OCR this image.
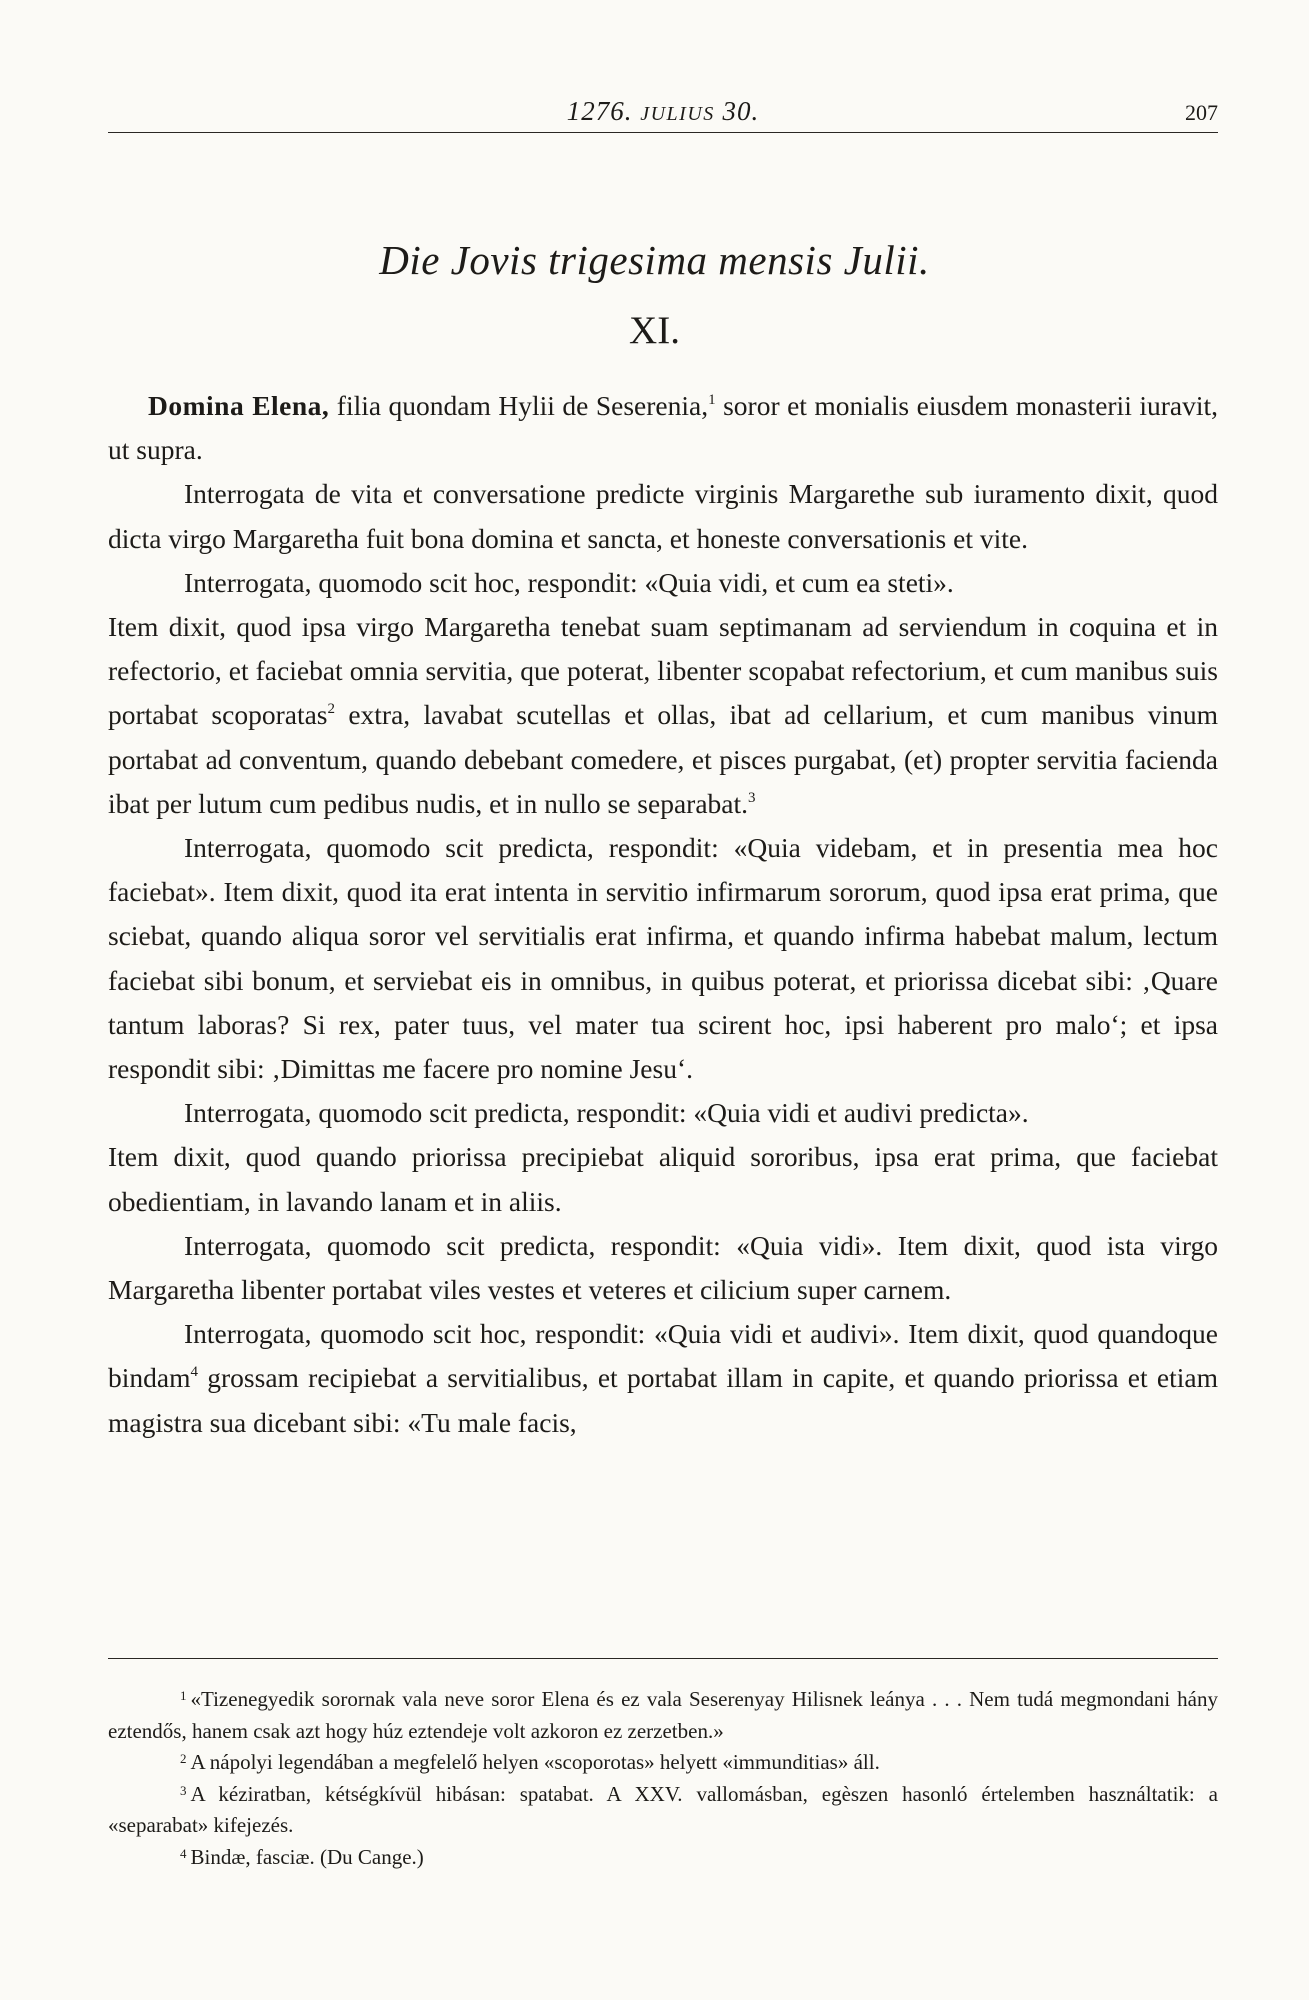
1276. JULIUS 30.	207
Die Jovis trigesima mensis Julii.
XI.

Domina Elena, filia quondam Hylii de Seserenia,$^1$ soror et monialis eiusdem monasterii iuravit, ut supra.

Interrogata de vita et conversatione predicte virginis Margarethe sub iuramento dixit, quod dicta virgo Margaretha fuit bona domina et sancta, et honeste conversationis et vite.

Interrogata, quomodo scit hoc, respondit: «Quia vidi, et cum ea steti».

Item dixit, quod ipsa virgo Margaretha tenebat suam septimanam ad serviendum in coquina et in refectorio, et faciebat omnia servitia, que poterat, libenter scopabat refectorium, et cum manibus suis portabat scoporatas$^2$ extra, lavabat scutellas et ollas, ibat ad cellarium, et cum manibus vinum portabat ad conventum, quando debebant comedere, et pisces purgabat, (et) propter servitia facienda ibat per lutum cum pedibus nudis, et in nullo se separabat.$^3$

Interrogata, quomodo scit predicta, respondit: «Quia videbam, et in presentia mea hoc faciebat». Item dixit, quod ita erat intenta in servitio infirmarum sororum, quod ipsa erat prima, que sciebat, quando aliqua soror vel servitialis erat infirma, et quando infirma habebat malum, lectum faciebat sibi bonum, et serviebat eis in omnibus, in quibus poterat, et priorissa dicebat sibi: ‚Quare tantum laboras? Si rex, pater tuus, vel mater tua scirent hoc, ipsi haberent pro malo‘; et ipsa respondit sibi: ‚Dimittas me facere pro nomine Jesu‘.

Interrogata, quomodo scit predicta, respondit: «Quia vidi et audivi predicta».

Item dixit, quod quando priorissa precipiebat aliquid sororibus, ipsa erat prima, que faciebat obedientiam, in lavando lanam et in aliis.

Interrogata, quomodo scit predicta, respondit: «Quia vidi». Item dixit, quod ista virgo Margaretha libenter portabat viles vestes et veteres et cilicium super carnem.

Interrogata, quomodo scit hoc, respondit: «Quia vidi et audivi». Item dixit, quod quandoque bindam$^4$ grossam recipiebat a servitialibus, et portabat illam in capite, et quando priorissa et etiam magistra sua dicebant sibi: «Tu male facis,

$^1$ «Tizenegyedik sorornak vala neve soror Elena és ez vala Seserenyay Hilisnek leánya . . . Nem tudá megmondani hány eztendős, hanem csak azt hogy húz eztendeje volt azkoron ez zerzetben.»

$^2$ A nápolyi legendában a megfelelő helyen «scoporotas» helyett «immunditias» áll.

$^3$ A kéziratban, kétségkívül hibásan: spatabat. A XXV. vallomásban, egèszen hasonló értelemben használtatik: a «separabat» kifejezés.

$^4$ Bindæ, fasciæ. (Du Cange.)
